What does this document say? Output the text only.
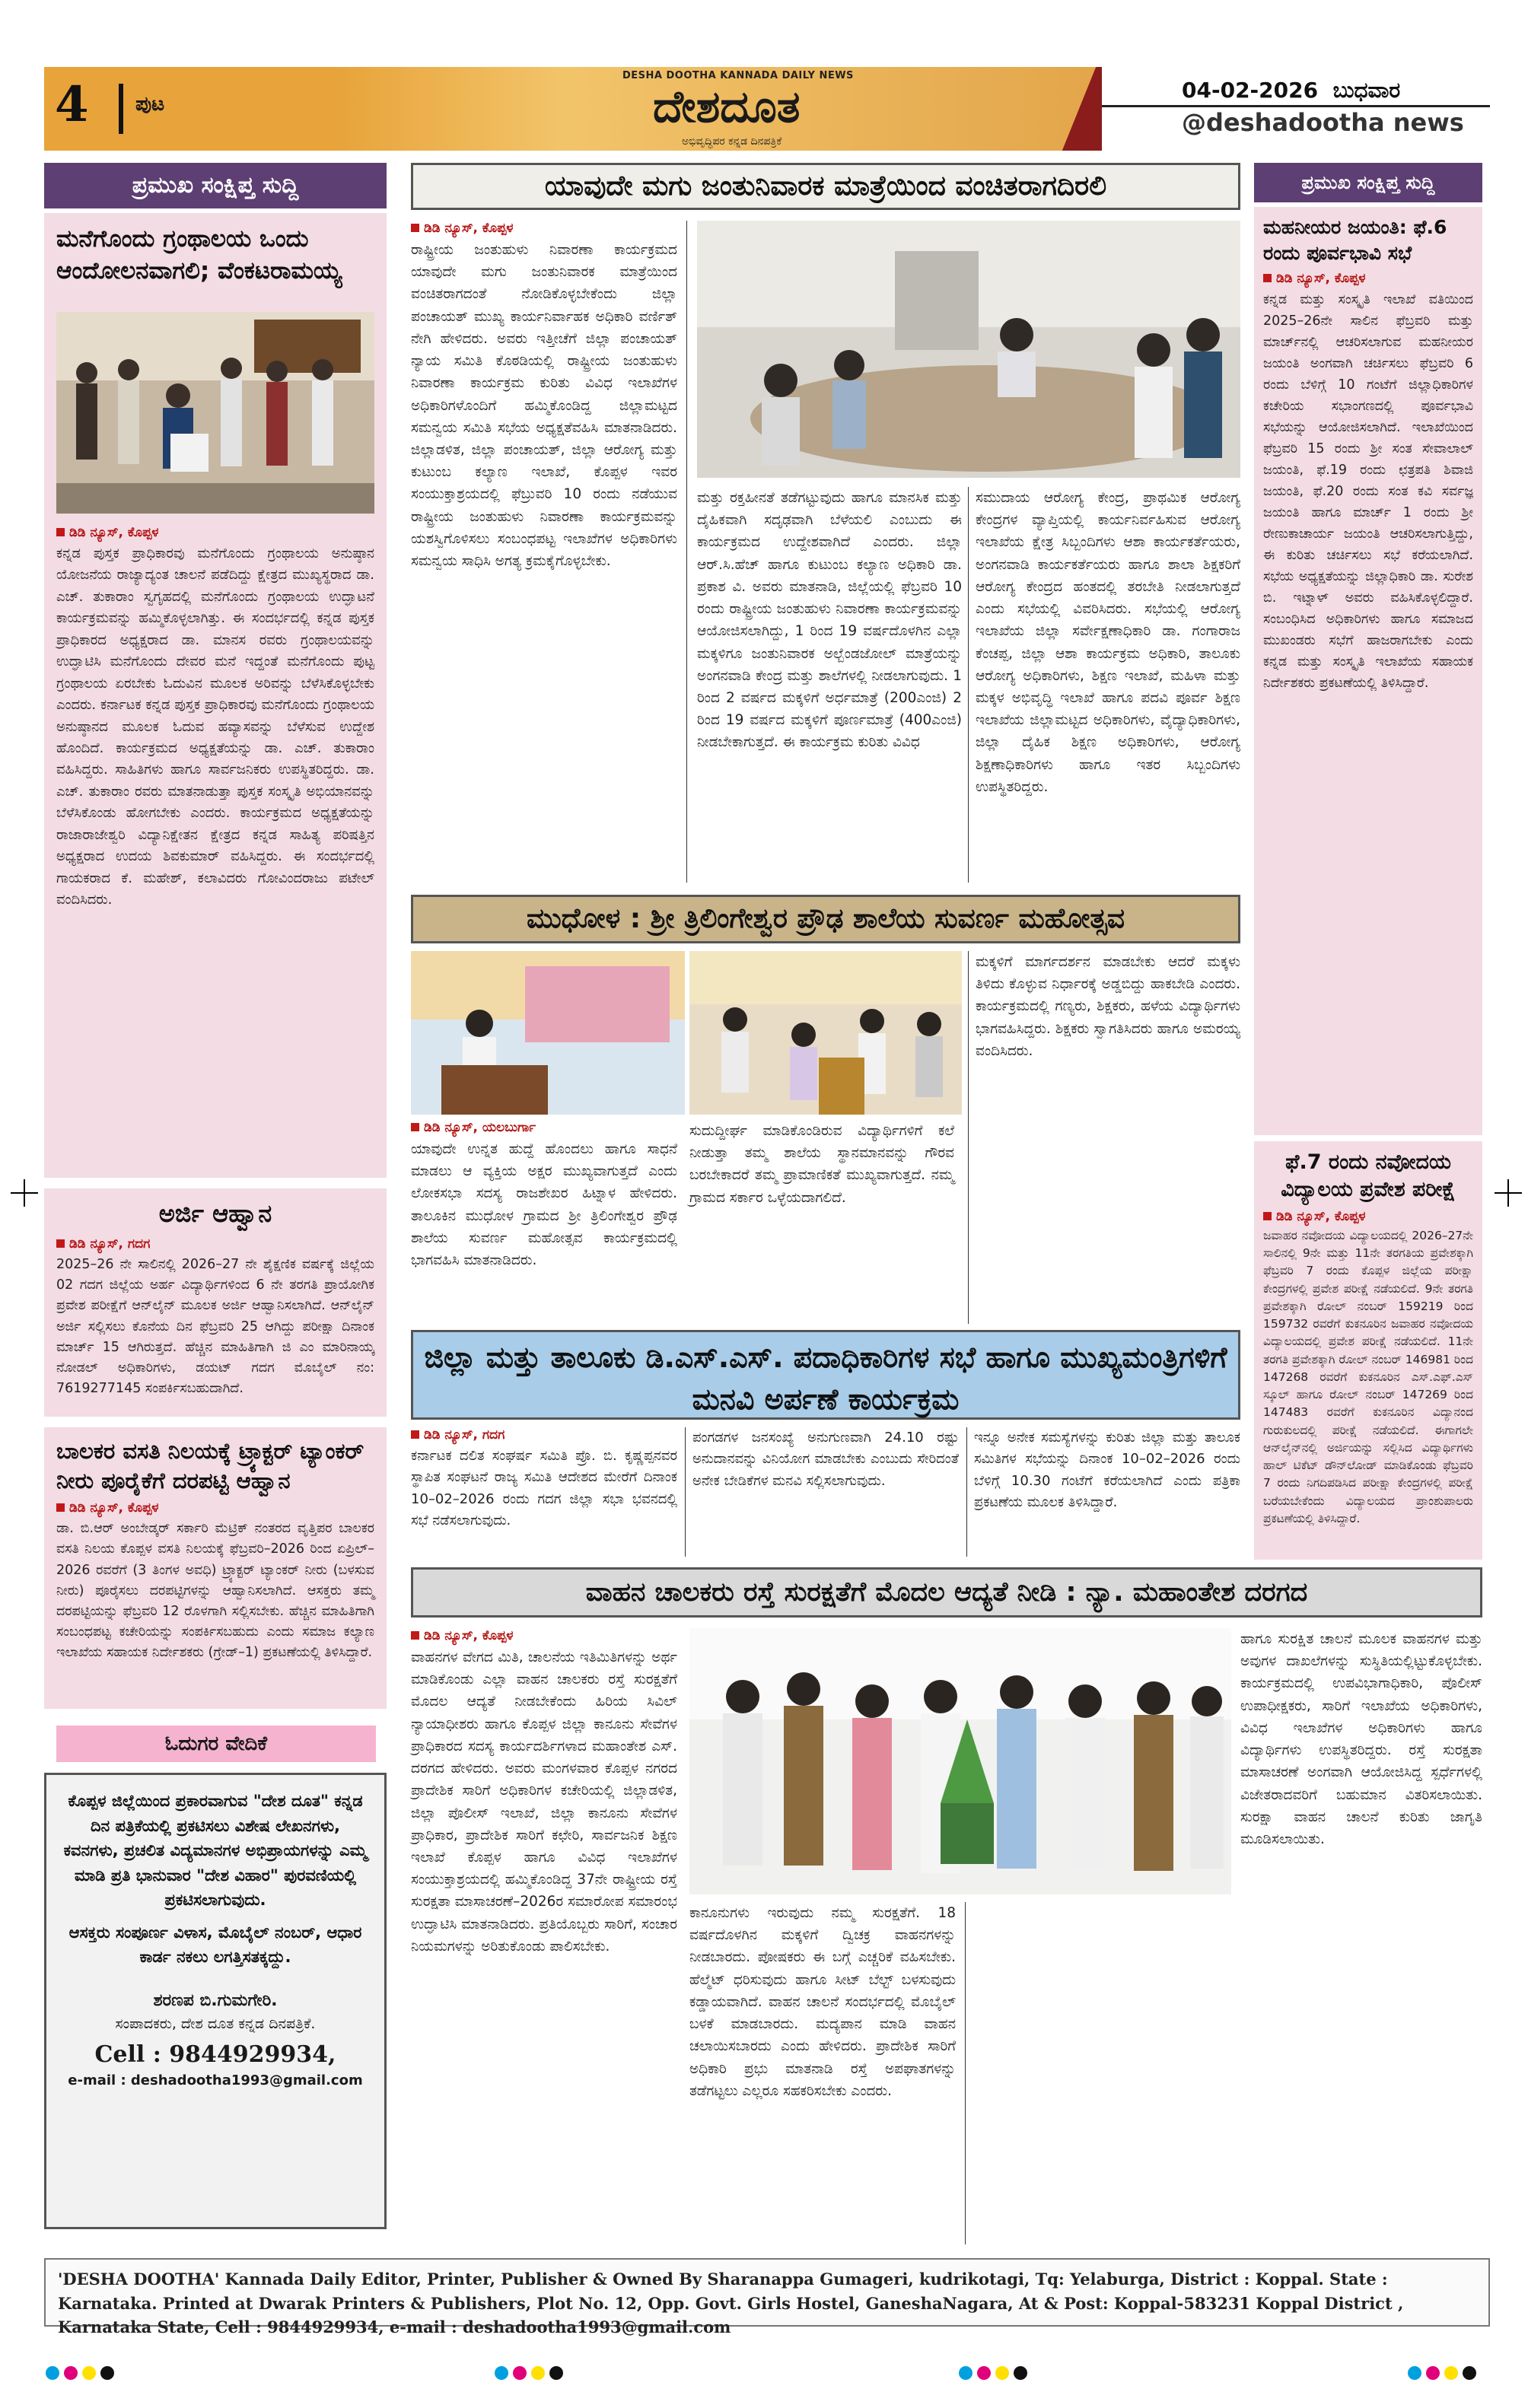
4 ಪುಟ
DESHA DOOTHA KANNADA DAILY NEWS
ದೇಶದೂತ
ಅಭಿವೃದ್ಧಿಪರ ಕನ್ನಡ ದಿನಪತ್ರಿಕೆ
04-02-2026 ಬುಧವಾರ
@deshadootha news
ಪ್ರಮುಖ ಸಂಕ್ಷಿಪ್ತ ಸುದ್ದಿ
ಮನೆಗೊಂದು ಗ್ರಂಥಾಲಯ ಒಂದು ಆಂದೋಲನವಾಗಲಿ; ವೆಂಕಟರಾಮಯ್ಯ
ಡಿಡಿ ನ್ಯೂಸ್, ಕೊಪ್ಪಳ
ಕನ್ನಡ ಪುಸ್ತಕ ಪ್ರಾಧಿಕಾರವು ಮನೆಗೊಂದು ಗ್ರಂಥಾಲಯ ಅನುಷ್ಠಾನ ಯೋಜನೆಯ ರಾಜ್ಯಾದ್ಯಂತ ಚಾಲನೆ ಪಡೆದಿದ್ದು ಕ್ಷೇತ್ರದ ಮುಖ್ಯಸ್ಥರಾದ ಡಾ. ಎಚ್. ತುಕಾರಾಂ ಸ್ವಗೃಹದಲ್ಲಿ ಮನೆಗೊಂದು ಗ್ರಂಥಾಲಯ ಉದ್ಘಾಟನೆ ಕಾರ್ಯಕ್ರಮವನ್ನು ಹಮ್ಮಿಕೊಳ್ಳಲಾಗಿತ್ತು. ಈ ಸಂದರ್ಭದಲ್ಲಿ ಕನ್ನಡ ಪುಸ್ತಕ ಪ್ರಾಧಿಕಾರದ ಅಧ್ಯಕ್ಷರಾದ ಡಾ. ಮಾನಸ ರವರು ಗ್ರಂಥಾಲಯವನ್ನು ಉದ್ಘಾಟಿಸಿ ಮನೆಗೊಂದು ದೇವರ ಮನೆ ಇದ್ದಂತೆ ಮನೆಗೊಂದು ಪುಟ್ಟ ಗ್ರಂಥಾಲಯ ಏರಬೇಕು ಓದುವಿನ ಮೂಲಕ ಅರಿವನ್ನು ಬೆಳೆಸಿಕೊಳ್ಳಬೇಕು ಎಂದರು. ಕರ್ನಾಟಕ ಕನ್ನಡ ಪುಸ್ತಕ ಪ್ರಾಧಿಕಾರವು ಮನೆಗೊಂದು ಗ್ರಂಥಾಲಯ ಅನುಷ್ಠಾನದ ಮೂಲಕ ಓದುವ ಹವ್ಯಾಸವನ್ನು ಬೆಳೆಸುವ ಉದ್ದೇಶ ಹೊಂದಿದೆ. ಕಾರ್ಯಕ್ರಮದ ಅಧ್ಯಕ್ಷತೆಯನ್ನು ಡಾ. ಎಚ್. ತುಕಾರಾಂ ವಹಿಸಿದ್ದರು. ಸಾಹಿತಿಗಳು ಹಾಗೂ ಸಾರ್ವಜನಿಕರು ಉಪಸ್ಥಿತರಿದ್ದರು. ಡಾ. ಎಚ್. ತುಕಾರಾಂ ರವರು ಮಾತನಾಡುತ್ತಾ ಪುಸ್ತಕ ಸಂಸ್ಕೃತಿ ಅಭಿಯಾನವನ್ನು ಬೆಳೆಸಿಕೊಂಡು ಹೋಗಬೇಕು ಎಂದರು. ಕಾರ್ಯಕ್ರಮದ ಅಧ್ಯಕ್ಷತೆಯನ್ನು ರಾಜಾರಾಜೇಶ್ವರಿ ವಿದ್ಯಾನಿಕ್ಷೇತನ ಕ್ಷೇತ್ರದ ಕನ್ನಡ ಸಾಹಿತ್ಯ ಪರಿಷತ್ತಿನ ಅಧ್ಯಕ್ಷರಾದ ಉದಯ ಶಿವಕುಮಾರ್ ವಹಿಸಿದ್ದರು. ಈ ಸಂದರ್ಭದಲ್ಲಿ ಗಾಯಕರಾದ ಕೆ. ಮಹೇಶ್, ಕಲಾವಿದರು ಗೋವಿಂದರಾಜು ಪಟೇಲ್ ವಂದಿಸಿದರು.
ಅರ್ಜಿ ಆಹ್ವಾನ
ಡಿಡಿ ನ್ಯೂಸ್, ಗದಗ
2025–26 ನೇ ಸಾಲಿನಲ್ಲಿ 2026–27 ನೇ ಶೈಕ್ಷಣಿಕ ವರ್ಷಕ್ಕೆ ಜಿಲ್ಲೆಯ 02 ಗದಗ ಜಿಲ್ಲೆಯ ಅರ್ಹ ವಿದ್ಯಾರ್ಥಿಗಳಿಂದ 6 ನೇ ತರಗತಿ ಪ್ರಾಯೋಗಿಕ ಪ್ರವೇಶ ಪರೀಕ್ಷೆಗೆ ಆನ್‌ಲೈನ್ ಮೂಲಕ ಅರ್ಜಿ ಆಹ್ವಾನಿಸಲಾಗಿದೆ. ಆನ್‌ಲೈನ್ ಅರ್ಜಿ ಸಲ್ಲಿಸಲು ಕೊನೆಯ ದಿನ ಫೆಬ್ರವರಿ 25 ಆಗಿದ್ದು ಪರೀಕ್ಷಾ ದಿನಾಂಕ ಮಾರ್ಚ್ 15 ಆಗಿರುತ್ತದೆ. ಹೆಚ್ಚಿನ ಮಾಹಿತಿಗಾಗಿ ಜಿ ಎಂ ಮಾರಿನಾಯ್ಕ ನೋಡಲ್ ಅಧಿಕಾರಿಗಳು, ಡಯಟ್ ಗದಗ ಮೊಬೈಲ್ ನಂ: 7619277145 ಸಂಪರ್ಕಿಸಬಹುದಾಗಿದೆ.
ಬಾಲಕರ ವಸತಿ ನಿಲಯಕ್ಕೆ ಟ್ರ್ಯಾಕ್ಟರ್ ಟ್ಯಾಂಕರ್ ನೀರು ಪೂರೈಕೆಗೆ ದರಪಟ್ಟಿ ಆಹ್ವಾನ
ಡಿಡಿ ನ್ಯೂಸ್, ಕೊಪ್ಪಳ
ಡಾ. ಬಿ.ಆರ್ ಅಂಬೇಡ್ಕರ್ ಸರ್ಕಾರಿ ಮೆಟ್ರಿಕ್ ನಂತರದ ವೃತ್ತಿಪರ ಬಾಲಕರ ವಸತಿ ನಿಲಯ ಕೊಪ್ಪಳ ವಸತಿ ನಿಲಯಕ್ಕೆ ಫೆಬ್ರವರಿ–2026 ರಿಂದ ಏಪ್ರಿಲ್–2026 ರವರೆಗೆ (3 ತಿಂಗಳ ಅವಧಿ) ಟ್ರ್ಯಾಕ್ಟರ್ ಟ್ಯಾಂಕರ್ ನೀರು (ಬಳಸುವ ನೀರು) ಪೂರೈಸಲು ದರಪಟ್ಟಿಗಳನ್ನು ಆಹ್ವಾನಿಸಲಾಗಿದೆ. ಆಸಕ್ತರು ತಮ್ಮ ದರಪಟ್ಟಿಯನ್ನು ಫೆಬ್ರವರಿ 12 ರೊಳಗಾಗಿ ಸಲ್ಲಿಸಬೇಕು. ಹೆಚ್ಚಿನ ಮಾಹಿತಿಗಾಗಿ ಸಂಬಂಧಪಟ್ಟ ಕಚೇರಿಯನ್ನು ಸಂಪರ್ಕಿಸಬಹುದು ಎಂದು ಸಮಾಜ ಕಲ್ಯಾಣ ಇಲಾಖೆಯ ಸಹಾಯಕ ನಿರ್ದೇಶಕರು (ಗ್ರೇಡ್–1) ಪ್ರಕಟಣೆಯಲ್ಲಿ ತಿಳಿಸಿದ್ದಾರೆ.
ಓದುಗರ ವೇದಿಕೆ
ಕೊಪ್ಪಳ ಜಿಲ್ಲೆಯಿಂದ ಪ್ರಕಾರವಾಗುವ "ದೇಶ ದೂತ" ಕನ್ನಡ ದಿನ ಪತ್ರಿಕೆಯಲ್ಲಿ ಪ್ರಕಟಿಸಲು ವಿಶೇಷ ಲೇಖನಗಳು, ಕವನಗಳು, ಪ್ರಚಲಿತ ವಿದ್ಯಮಾನಗಳ ಅಭಿಪ್ರಾಯಗಳನ್ನು ಎಮ್ಮ ಮಾಡಿ ಪ್ರತಿ ಭಾನುವಾರ "ದೇಶ ವಿಹಾರ" ಪುರವಣಿಯಲ್ಲಿ ಪ್ರಕಟಿಸಲಾಗುವುದು.
ಆಸಕ್ತರು ಸಂಪೂರ್ಣ ವಿಳಾಸ, ಮೊಬೈಲ್ ನಂಬರ್, ಆಧಾರ ಕಾರ್ಡ ನಕಲು ಲಗತ್ತಿಸತಕ್ಕದ್ದು.
ಶರಣಪ ಬಿ.ಗುಮಗೇರಿ.
ಸಂಪಾದಕರು, ದೇಶ ದೂತ ಕನ್ನಡ ದಿನಪತ್ರಿಕೆ.
Cell : 9844929934,
e-mail : deshadootha1993@gmail.com
ಯಾವುದೇ ಮಗು ಜಂತುನಿವಾರಕ ಮಾತ್ರೆಯಿಂದ ವಂಚಿತರಾಗದಿರಲಿ
ಡಿಡಿ ನ್ಯೂಸ್, ಕೊಪ್ಪಳ
ರಾಷ್ಟ್ರೀಯ ಜಂತುಹುಳು ನಿವಾರಣಾ ಕಾರ್ಯಕ್ರಮದ ಯಾವುದೇ ಮಗು ಜಂತುನಿವಾರಕ ಮಾತ್ರೆಯಿಂದ ವಂಚಿತರಾಗದಂತೆ ನೋಡಿಕೊಳ್ಳಬೇಕೆಂದು ಜಿಲ್ಲಾ ಪಂಚಾಯತ್ ಮುಖ್ಯ ಕಾರ್ಯನಿರ್ವಾಹಕ ಅಧಿಕಾರಿ ವರ್ಣಿತ್ ನೇಗಿ ಹೇಳಿದರು. ಅವರು ಇತ್ತೀಚೆಗೆ ಜಿಲ್ಲಾ ಪಂಚಾಯತ್ ನ್ಯಾಯ ಸಮಿತಿ ಕೊಠಡಿಯಲ್ಲಿ ರಾಷ್ಟ್ರೀಯ ಜಂತುಹುಳು ನಿವಾರಣಾ ಕಾರ್ಯಕ್ರಮ ಕುರಿತು ವಿವಿಧ ಇಲಾಖೆಗಳ ಅಧಿಕಾರಿಗಳೊಂದಿಗೆ ಹಮ್ಮಿಕೊಂಡಿದ್ದ ಜಿಲ್ಲಾಮಟ್ಟದ ಸಮನ್ವಯ ಸಮಿತಿ ಸಭೆಯ ಅಧ್ಯಕ್ಷತೆವಹಿಸಿ ಮಾತನಾಡಿದರು. ಜಿಲ್ಲಾಡಳಿತ, ಜಿಲ್ಲಾ ಪಂಚಾಯತ್, ಜಿಲ್ಲಾ ಆರೋಗ್ಯ ಮತ್ತು ಕುಟುಂಬ ಕಲ್ಯಾಣ ಇಲಾಖೆ, ಕೊಪ್ಪಳ ಇವರ ಸಂಯುಕ್ತಾಶ್ರಯದಲ್ಲಿ ಫೆಬ್ರುವರಿ 10 ರಂದು ನಡೆಯುವ ರಾಷ್ಟ್ರೀಯ ಜಂತುಹುಳು ನಿವಾರಣಾ ಕಾರ್ಯಕ್ರಮವನ್ನು ಯಶಸ್ವಿಗೊಳಿಸಲು ಸಂಬಂಧಪಟ್ಟ ಇಲಾಖೆಗಳ ಅಧಿಕಾರಿಗಳು ಸಮನ್ವಯ ಸಾಧಿಸಿ ಅಗತ್ಯ ಕ್ರಮಕೈಗೊಳ್ಳಬೇಕು.
ಮತ್ತು ರಕ್ತಹೀನತೆ ತಡೆಗಟ್ಟುವುದು ಹಾಗೂ ಮಾನಸಿಕ ಮತ್ತು ದೈಹಿಕವಾಗಿ ಸದೃಢವಾಗಿ ಬೆಳೆಯಲಿ ಎಂಬುದು ಈ ಕಾರ್ಯಕ್ರಮದ ಉದ್ದೇಶವಾಗಿದೆ ಎಂದರು. ಜಿಲ್ಲಾ ಆರ್.ಸಿ.ಹೆಚ್ ಹಾಗೂ ಕುಟುಂಬ ಕಲ್ಯಾಣ ಅಧಿಕಾರಿ ಡಾ. ಪ್ರಕಾಶ ವಿ. ಅವರು ಮಾತನಾಡಿ, ಜಿಲ್ಲೆಯಲ್ಲಿ ಫೆಬ್ರವರಿ 10 ರಂದು ರಾಷ್ಟ್ರೀಯ ಜಂತುಹುಳು ನಿವಾರಣಾ ಕಾರ್ಯಕ್ರಮವನ್ನು ಆಯೋಜಿಸಲಾಗಿದ್ದು, 1 ರಿಂದ 19 ವರ್ಷದೊಳಗಿನ ಎಲ್ಲಾ ಮಕ್ಕಳಿಗೂ ಜಂತುನಿವಾರಕ ಅಲ್ಬೆಂಡಜೋಲ್ ಮಾತ್ರೆಯನ್ನು ಅಂಗನವಾಡಿ ಕೇಂದ್ರ ಮತ್ತು ಶಾಲೆಗಳಲ್ಲಿ ನೀಡಲಾಗುವುದು. 1 ರಿಂದ 2 ವರ್ಷದ ಮಕ್ಕಳಿಗೆ ಅರ್ಧಮಾತ್ರೆ (200ಎಂಜಿ) 2 ರಿಂದ 19 ವರ್ಷದ ಮಕ್ಕಳಿಗೆ ಪೂರ್ಣಮಾತ್ರೆ (400ಎಂಜಿ) ನೀಡಬೇಕಾಗುತ್ತದೆ. ಈ ಕಾರ್ಯಕ್ರಮ ಕುರಿತು ವಿವಿಧ
ಸಮುದಾಯ ಆರೋಗ್ಯ ಕೇಂದ್ರ, ಪ್ರಾಥಮಿಕ ಆರೋಗ್ಯ ಕೇಂದ್ರಗಳ ವ್ಯಾಪ್ತಿಯಲ್ಲಿ ಕಾರ್ಯನಿರ್ವಹಿಸುವ ಆರೋಗ್ಯ ಇಲಾಖೆಯ ಕ್ಷೇತ್ರ ಸಿಬ್ಬಂದಿಗಳು ಆಶಾ ಕಾರ್ಯಕರ್ತೆಯರು, ಅಂಗನವಾಡಿ ಕಾರ್ಯಕರ್ತೆಯರು ಹಾಗೂ ಶಾಲಾ ಶಿಕ್ಷಕರಿಗೆ ಆರೋಗ್ಯ ಕೇಂದ್ರದ ಹಂತದಲ್ಲಿ ತರಬೇತಿ ನೀಡಲಾಗುತ್ತದೆ ಎಂದು ಸಭೆಯಲ್ಲಿ ವಿವರಿಸಿದರು. ಸಭೆಯಲ್ಲಿ ಆರೋಗ್ಯ ಇಲಾಖೆಯ ಜಿಲ್ಲಾ ಸರ್ವೇಕ್ಷಣಾಧಿಕಾರಿ ಡಾ. ಗಂಗಾರಾಜ ಕೆಂಚಪ್ಪ, ಜಿಲ್ಲಾ ಆಶಾ ಕಾರ್ಯಕ್ರಮ ಅಧಿಕಾರಿ, ತಾಲೂಕು ಆರೋಗ್ಯ ಅಧಿಕಾರಿಗಳು, ಶಿಕ್ಷಣ ಇಲಾಖೆ, ಮಹಿಳಾ ಮತ್ತು ಮಕ್ಕಳ ಅಭಿವೃದ್ಧಿ ಇಲಾಖೆ ಹಾಗೂ ಪದವಿ ಪೂರ್ವ ಶಿಕ್ಷಣ ಇಲಾಖೆಯ ಜಿಲ್ಲಾಮಟ್ಟದ ಅಧಿಕಾರಿಗಳು, ವೈದ್ಯಾಧಿಕಾರಿಗಳು, ಜಿಲ್ಲಾ ದೈಹಿಕ ಶಿಕ್ಷಣ ಅಧಿಕಾರಿಗಳು, ಆರೋಗ್ಯ ಶಿಕ್ಷಣಾಧಿಕಾರಿಗಳು ಹಾಗೂ ಇತರ ಸಿಬ್ಬಂದಿಗಳು ಉಪಸ್ಥಿತರಿದ್ದರು.
ಮುಧೋಳ : ಶ್ರೀ ತ್ರಿಲಿಂಗೇಶ್ವರ ಪ್ರೌಢ ಶಾಲೆಯ ಸುವರ್ಣ ಮಹೋತ್ಸವ
ಡಿಡಿ ನ್ಯೂಸ್, ಯಲಬುರ್ಗಾ
ಯಾವುದೇ ಉನ್ನತ ಹುದ್ದೆ ಹೊಂದಲು ಹಾಗೂ ಸಾಧನೆ ಮಾಡಲು ಆ ವ್ಯಕ್ತಿಯ ಅಕ್ಷರ ಮುಖ್ಯವಾಗುತ್ತದೆ ಎಂದು ಲೋಕಸಭಾ ಸದಸ್ಯ ರಾಜಶೇಖರ ಹಿಟ್ನಾಳ ಹೇಳಿದರು. ತಾಲೂಕಿನ ಮುಧೋಳ ಗ್ರಾಮದ ಶ್ರೀ ತ್ರಿಲಿಂಗೇಶ್ವರ ಪ್ರೌಢ ಶಾಲೆಯ ಸುವರ್ಣ ಮಹೋತ್ಸವ ಕಾರ್ಯಕ್ರಮದಲ್ಲಿ ಭಾಗವಹಿಸಿ ಮಾತನಾಡಿದರು.
ಸುದುದ್ದೀರ್ಘ ಮಾಡಿಕೊಂಡಿರುವ ವಿದ್ಯಾರ್ಥಿಗಳಿಗೆ ಕಲೆ ನೀಡುತ್ತಾ ತಮ್ಮ ಶಾಲೆಯ ಸ್ಥಾನಮಾನವನ್ನು ಗೌರವ ಬರಬೇಕಾದರೆ ತಮ್ಮ ಪ್ರಾಮಾಣಿಕತೆ ಮುಖ್ಯವಾಗುತ್ತದೆ. ನಮ್ಮ ಗ್ರಾಮದ ಸರ್ಕಾರ ಒಳ್ಳೆಯದಾಗಲಿದೆ.
ಮಕ್ಕಳಿಗೆ ಮಾರ್ಗದರ್ಶನ ಮಾಡಬೇಕು ಆದರೆ ಮಕ್ಕಳು ತಿಳಿದು ಕೊಳ್ಳುವ ನಿರ್ಧಾರಕ್ಕೆ ಅಡ್ಡಬಿದ್ದು ಹಾಕಬೇಡಿ ಎಂದರು. ಕಾರ್ಯಕ್ರಮದಲ್ಲಿ ಗಣ್ಯರು, ಶಿಕ್ಷಕರು, ಹಳೆಯ ವಿದ್ಯಾರ್ಥಿಗಳು ಭಾಗವಹಿಸಿದ್ದರು. ಶಿಕ್ಷಕರು ಸ್ವಾಗತಿಸಿದರು ಹಾಗೂ ಅಮರಯ್ಯ ವಂದಿಸಿದರು.
ಜಿಲ್ಲಾ ಮತ್ತು ತಾಲೂಕು ಡಿ.ಎಸ್.ಎಸ್. ಪದಾಧಿಕಾರಿಗಳ ಸಭೆ ಹಾಗೂ ಮುಖ್ಯಮಂತ್ರಿಗಳಿಗೆ ಮನವಿ ಅರ್ಪಣೆ ಕಾರ್ಯಕ್ರಮ
ಡಿಡಿ ನ್ಯೂಸ್, ಗದಗ
ಕರ್ನಾಟಕ ದಲಿತ ಸಂಘರ್ಷ ಸಮಿತಿ ಪ್ರೊ. ಬಿ. ಕೃಷ್ಣಪ್ಪನವರ ಸ್ಥಾಪಿತ ಸಂಘಟನೆ ರಾಜ್ಯ ಸಮಿತಿ ಆದೇಶದ ಮೇರೆಗೆ ದಿನಾಂಕ 10–02–2026 ರಂದು ಗದಗ ಜಿಲ್ಲಾ ಸಭಾ ಭವನದಲ್ಲಿ ಸಭೆ ನಡೆಸಲಾಗುವುದು.
ಪಂಗಡಗಳ ಜನಸಂಖ್ಯೆ ಅನುಗುಣವಾಗಿ 24.10 ರಷ್ಟು ಅನುದಾನವನ್ನು ವಿನಿಯೋಗ ಮಾಡಬೇಕು ಎಂಬುದು ಸೇರಿದಂತೆ ಅನೇಕ ಬೇಡಿಕೆಗಳ ಮನವಿ ಸಲ್ಲಿಸಲಾಗುವುದು.
ಇನ್ನೂ ಅನೇಕ ಸಮಸ್ಯೆಗಳನ್ನು ಕುರಿತು ಜಿಲ್ಲಾ ಮತ್ತು ತಾಲೂಕ ಸಮಿತಿಗಳ ಸಭೆಯನ್ನು ದಿನಾಂಕ 10–02–2026 ರಂದು ಬೆಳಿಗ್ಗೆ 10.30 ಗಂಟೆಗೆ ಕರೆಯಲಾಗಿದೆ ಎಂದು ಪತ್ರಿಕಾ ಪ್ರಕಟಣೆಯ ಮೂಲಕ ತಿಳಿಸಿದ್ದಾರೆ.
ವಾಹನ ಚಾಲಕರು ರಸ್ತೆ ಸುರಕ್ಷತೆಗೆ ಮೊದಲ ಆದ್ಯತೆ ನೀಡಿ : ನ್ಯಾ. ಮಹಾಂತೇಶ ದರಗದ
ಡಿಡಿ ನ್ಯೂಸ್, ಕೊಪ್ಪಳ
ವಾಹನಗಳ ವೇಗದ ಮಿತಿ, ಚಾಲನೆಯ ಇತಿಮಿತಿಗಳನ್ನು ಅರ್ಥ ಮಾಡಿಕೊಂಡು ಎಲ್ಲಾ ವಾಹನ ಚಾಲಕರು ರಸ್ತೆ ಸುರಕ್ಷತೆಗೆ ಮೊದಲ ಆದ್ಯತೆ ನೀಡಬೇಕೆಂದು ಹಿರಿಯ ಸಿವಿಲ್ ನ್ಯಾಯಾಧೀಶರು ಹಾಗೂ ಕೊಪ್ಪಳ ಜಿಲ್ಲಾ ಕಾನೂನು ಸೇವೆಗಳ ಪ್ರಾಧಿಕಾರದ ಸದಸ್ಯ ಕಾರ್ಯದರ್ಶಿಗಳಾದ ಮಹಾಂತೇಶ ಎಸ್. ದರಗದ ಹೇಳಿದರು. ಅವರು ಮಂಗಳವಾರ ಕೊಪ್ಪಳ ನಗರದ ಪ್ರಾದೇಶಿಕ ಸಾರಿಗೆ ಅಧಿಕಾರಿಗಳ ಕಚೇರಿಯಲ್ಲಿ ಜಿಲ್ಲಾಡಳಿತ, ಜಿಲ್ಲಾ ಪೊಲೀಸ್ ಇಲಾಖೆ, ಜಿಲ್ಲಾ ಕಾನೂನು ಸೇವೆಗಳ ಪ್ರಾಧಿಕಾರ, ಪ್ರಾದೇಶಿಕ ಸಾರಿಗೆ ಕಛೇರಿ, ಸಾರ್ವಜನಿಕ ಶಿಕ್ಷಣ ಇಲಾಖೆ ಕೊಪ್ಪಳ ಹಾಗೂ ವಿವಿಧ ಇಲಾಖೆಗಳ ಸಂಯುಕ್ತಾಶ್ರಯದಲ್ಲಿ ಹಮ್ಮಿಕೊಂಡಿದ್ದ 37ನೇ ರಾಷ್ಟ್ರೀಯ ರಸ್ತೆ ಸುರಕ್ಷತಾ ಮಾಸಾಚರಣೆ–2026ರ ಸಮಾರೋಪ ಸಮಾರಂಭ ಉದ್ಘಾಟಿಸಿ ಮಾತನಾಡಿದರು. ಪ್ರತಿಯೊಬ್ಬರು ಸಾರಿಗೆ, ಸಂಚಾರ ನಿಯಮಗಳನ್ನು ಅರಿತುಕೊಂಡು ಪಾಲಿಸಬೇಕು.
ಕಾನೂನುಗಳು ಇರುವುದು ನಮ್ಮ ಸುರಕ್ಷತೆಗೆ. 18 ವರ್ಷದೊಳಗಿನ ಮಕ್ಕಳಿಗೆ ದ್ವಿಚಕ್ರ ವಾಹನಗಳನ್ನು ನೀಡಬಾರದು. ಪೋಷಕರು ಈ ಬಗ್ಗೆ ಎಚ್ಚರಿಕೆ ವಹಿಸಬೇಕು. ಹೆಲ್ಮೆಟ್ ಧರಿಸುವುದು ಹಾಗೂ ಸೀಟ್ ಬೆಲ್ಟ್ ಬಳಸುವುದು ಕಡ್ಡಾಯವಾಗಿದೆ. ವಾಹನ ಚಾಲನೆ ಸಂದರ್ಭದಲ್ಲಿ ಮೊಬೈಲ್ ಬಳಕೆ ಮಾಡಬಾರದು. ಮದ್ಯಪಾನ ಮಾಡಿ ವಾಹನ ಚಲಾಯಿಸಬಾರದು ಎಂದು ಹೇಳಿದರು. ಪ್ರಾದೇಶಿಕ ಸಾರಿಗೆ ಅಧಿಕಾರಿ ಪ್ರಭು ಮಾತನಾಡಿ ರಸ್ತೆ ಅಪಘಾತಗಳನ್ನು ತಡೆಗಟ್ಟಲು ಎಲ್ಲರೂ ಸಹಕರಿಸಬೇಕು ಎಂದರು.
ಹಾಗೂ ಸುರಕ್ಷಿತ ಚಾಲನೆ ಮೂಲಕ ವಾಹನಗಳ ಮತ್ತು ಅವುಗಳ ದಾಖಲೆಗಳನ್ನು ಸುಸ್ಥಿತಿಯಲ್ಲಿಟ್ಟುಕೊಳ್ಳಬೇಕು. ಕಾರ್ಯಕ್ರಮದಲ್ಲಿ ಉಪವಿಭಾಗಾಧಿಕಾರಿ, ಪೊಲೀಸ್ ಉಪಾಧೀಕ್ಷಕರು, ಸಾರಿಗೆ ಇಲಾಖೆಯ ಅಧಿಕಾರಿಗಳು, ವಿವಿಧ ಇಲಾಖೆಗಳ ಅಧಿಕಾರಿಗಳು ಹಾಗೂ ವಿದ್ಯಾರ್ಥಿಗಳು ಉಪಸ್ಥಿತರಿದ್ದರು. ರಸ್ತೆ ಸುರಕ್ಷತಾ ಮಾಸಾಚರಣೆ ಅಂಗವಾಗಿ ಆಯೋಜಿಸಿದ್ದ ಸ್ಪರ್ಧೆಗಳಲ್ಲಿ ವಿಜೇತರಾದವರಿಗೆ ಬಹುಮಾನ ವಿತರಿಸಲಾಯಿತು. ಸುರಕ್ಷಾ ವಾಹನ ಚಾಲನೆ ಕುರಿತು ಜಾಗೃತಿ ಮೂಡಿಸಲಾಯಿತು.
ಪ್ರಮುಖ ಸಂಕ್ಷಿಪ್ತ ಸುದ್ದಿ
ಮಹನೀಯರ ಜಯಂತಿ: ಫೆ.6 ರಂದು ಪೂರ್ವಭಾವಿ ಸಭೆ
ಡಿಡಿ ನ್ಯೂಸ್, ಕೊಪ್ಪಳ
ಕನ್ನಡ ಮತ್ತು ಸಂಸ್ಕೃತಿ ಇಲಾಖೆ ವತಿಯಿಂದ 2025–26ನೇ ಸಾಲಿನ ಫೆಬ್ರವರಿ ಮತ್ತು ಮಾರ್ಚ್‌ನಲ್ಲಿ ಆಚರಿಸಲಾಗುವ ಮಹನೀಯರ ಜಯಂತಿ ಅಂಗವಾಗಿ ಚರ್ಚಿಸಲು ಫೆಬ್ರವರಿ 6 ರಂದು ಬೆಳಿಗ್ಗೆ 10 ಗಂಟೆಗೆ ಜಿಲ್ಲಾಧಿಕಾರಿಗಳ ಕಚೇರಿಯ ಸಭಾಂಗಣದಲ್ಲಿ ಪೂರ್ವಭಾವಿ ಸಭೆಯನ್ನು ಆಯೋಜಿಸಲಾಗಿದೆ. ಇಲಾಖೆಯಿಂದ ಫೆಬ್ರವರಿ 15 ರಂದು ಶ್ರೀ ಸಂತ ಸೇವಾಲಾಲ್ ಜಯಂತಿ, ಫೆ.19 ರಂದು ಛತ್ರಪತಿ ಶಿವಾಜಿ ಜಯಂತಿ, ಫೆ.20 ರಂದು ಸಂತ ಕವಿ ಸರ್ವಜ್ಞ ಜಯಂತಿ ಹಾಗೂ ಮಾರ್ಚ್ 1 ರಂದು ಶ್ರೀ ರೇಣುಕಾಚಾರ್ಯ ಜಯಂತಿ ಆಚರಿಸಲಾಗುತ್ತಿದ್ದು, ಈ ಕುರಿತು ಚರ್ಚಿಸಲು ಸಭೆ ಕರೆಯಲಾಗಿದೆ. ಸಭೆಯ ಅಧ್ಯಕ್ಷತೆಯನ್ನು ಜಿಲ್ಲಾಧಿಕಾರಿ ಡಾ. ಸುರೇಶ ಬಿ. ಇಟ್ನಾಳ್ ಅವರು ವಹಿಸಿಕೊಳ್ಳಲಿದ್ದಾರೆ. ಸಂಬಂಧಿಸಿದ ಅಧಿಕಾರಿಗಳು ಹಾಗೂ ಸಮಾಜದ ಮುಖಂಡರು ಸಭೆಗೆ ಹಾಜರಾಗಬೇಕು ಎಂದು ಕನ್ನಡ ಮತ್ತು ಸಂಸ್ಕೃತಿ ಇಲಾಖೆಯ ಸಹಾಯಕ ನಿರ್ದೇಶಕರು ಪ್ರಕಟಣೆಯಲ್ಲಿ ತಿಳಿಸಿದ್ದಾರೆ.
ಫೆ.7 ರಂದು ನವೋದಯ ವಿದ್ಯಾಲಯ ಪ್ರವೇಶ ಪರೀಕ್ಷೆ
ಡಿಡಿ ನ್ಯೂಸ್, ಕೊಪ್ಪಳ
ಜವಾಹರ ನವೋದಯ ವಿದ್ಯಾಲಯದಲ್ಲಿ 2026–27ನೇ ಸಾಲಿನಲ್ಲಿ 9ನೇ ಮತ್ತು 11ನೇ ತರಗತಿಯ ಪ್ರವೇಶಕ್ಕಾಗಿ ಫೆಬ್ರವರಿ 7 ರಂದು ಕೊಪ್ಪಳ ಜಿಲ್ಲೆಯ ಪರೀಕ್ಷಾ ಕೇಂದ್ರಗಳಲ್ಲಿ ಪ್ರವೇಶ ಪರೀಕ್ಷೆ ನಡೆಯಲಿದೆ. 9ನೇ ತರಗತಿ ಪ್ರವೇಶಕ್ಕಾಗಿ ರೋಲ್ ನಂಬರ್ 159219 ರಿಂದ 159732 ರವರೆಗೆ ಕುಕನೂರಿನ ಜವಾಹರ ನವೋದಯ ವಿದ್ಯಾಲಯದಲ್ಲಿ ಪ್ರವೇಶ ಪರೀಕ್ಷೆ ನಡೆಯಲಿದೆ. 11ನೇ ತರಗತಿ ಪ್ರವೇಶಕ್ಕಾಗಿ ರೋಲ್ ನಂಬರ್ 146981 ರಿಂದ 147268 ರವರೆಗೆ ಕುಕನೂರಿನ ಎಸ್.ಎಫ್.ಎಸ್ ಸ್ಕೂಲ್ ಹಾಗೂ ರೋಲ್ ನಂಬರ್ 147269 ರಿಂದ 147483 ರವರೆಗೆ ಕುಕನೂರಿನ ವಿದ್ಯಾನಂದ ಗುರುಕುಲದಲ್ಲಿ ಪರೀಕ್ಷೆ ನಡೆಯಲಿದೆ. ಈಗಾಗಲೇ ಆನ್‌ಲೈನ್‌ನಲ್ಲಿ ಅರ್ಜಿಯನ್ನು ಸಲ್ಲಿಸಿದ ವಿದ್ಯಾರ್ಥಿಗಳು ಹಾಲ್ ಟಿಕೆಟ್ ಡೌನ್‌ಲೋಡ್ ಮಾಡಿಕೊಂಡು ಫೆಬ್ರವರಿ 7 ರಂದು ನಿಗದಿಪಡಿಸಿದ ಪರೀಕ್ಷಾ ಕೇಂದ್ರಗಳಲ್ಲಿ ಪರೀಕ್ಷೆ ಬರೆಯಬೇಕೆಂದು ವಿದ್ಯಾಲಯದ ಪ್ರಾಂಶುಪಾಲರು ಪ್ರಕಟಣೆಯಲ್ಲಿ ತಿಳಿಸಿದ್ದಾರೆ.
'DESHA DOOTHA' Kannada Daily Editor, Printer, Publisher & Owned By Sharanappa Gumageri, kudrikotagi, Tq: Yelaburga, District : Koppal. State : Karnataka. Printed at Dwarak Printers & Publishers, Plot No. 12, Opp. Govt. Girls Hostel, GaneshaNagara, At & Post: Koppal-583231 Koppal District , Karnataka State, Cell : 9844929934, e-mail : deshadootha1993@gmail.com
